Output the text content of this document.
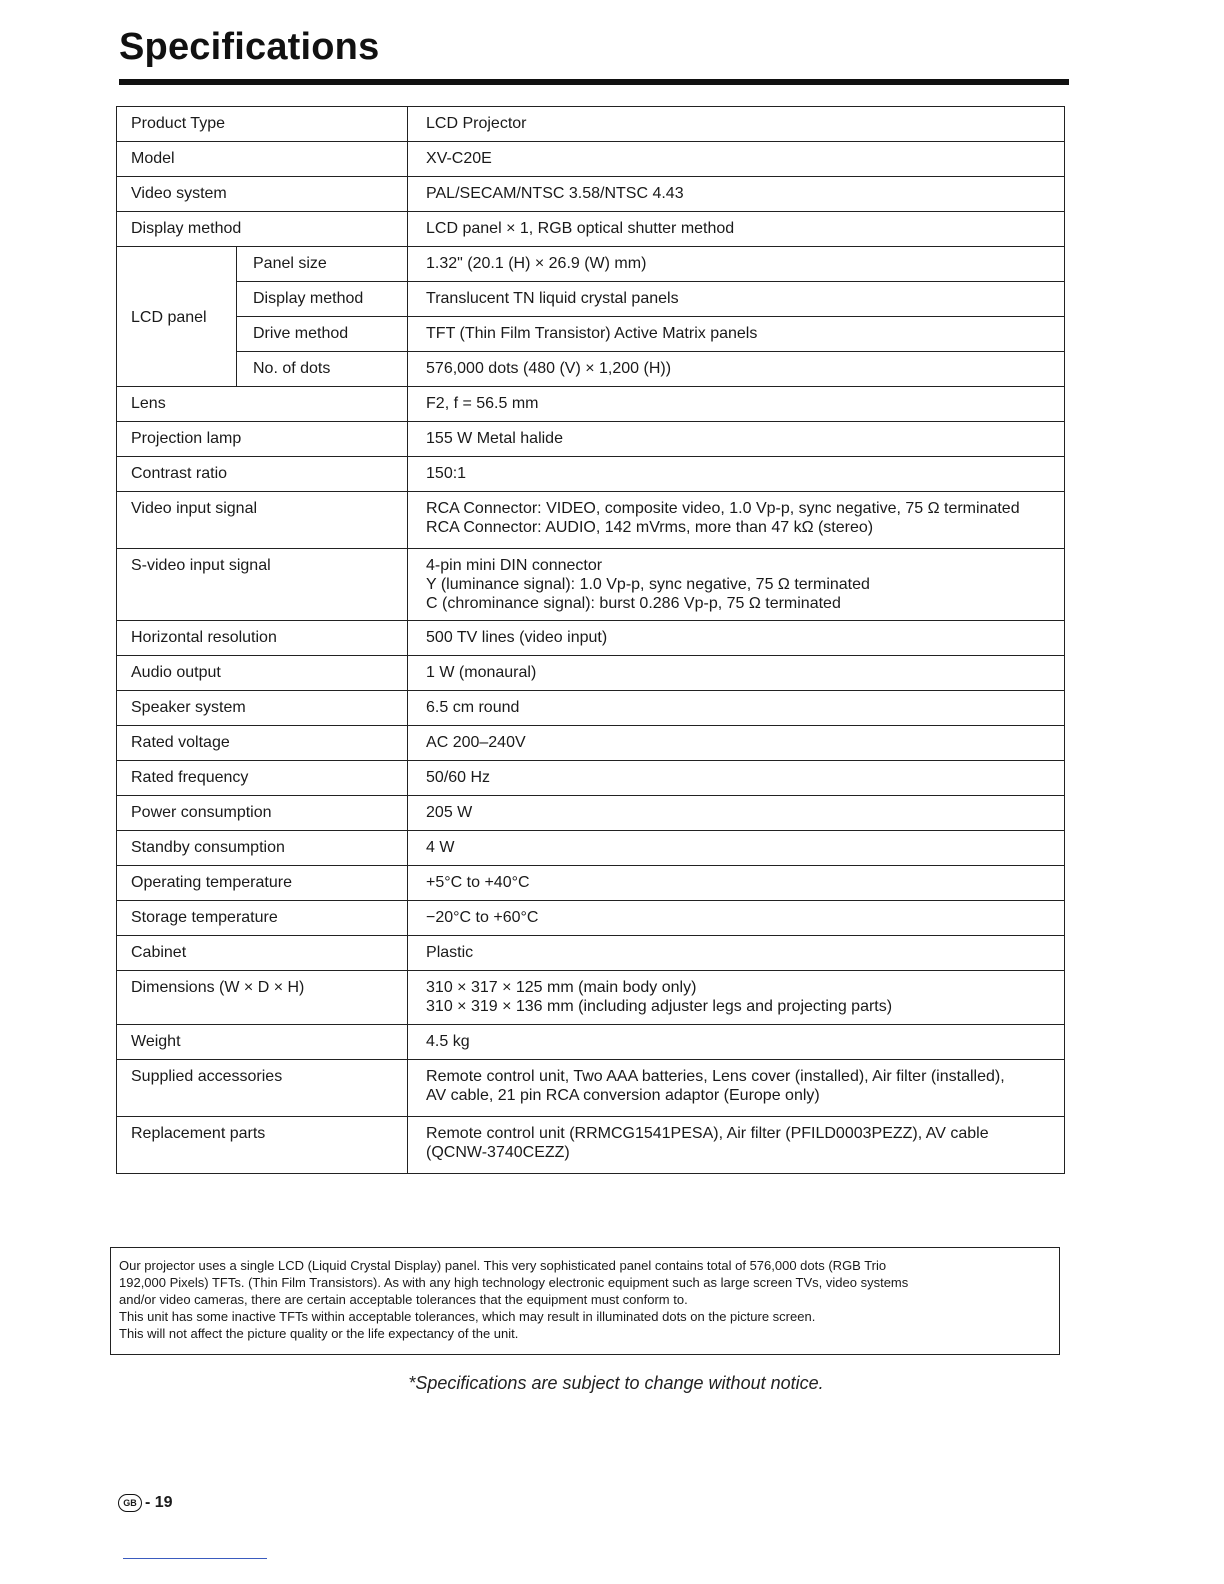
Specifications
Product Type		LCD Projector
Model		XV-C20E
Video system		PAL/SECAM/NTSC 3.58/NTSC 4.43
Display method		LCD panel × 1, RGB optical shutter method
LCD panel	Panel size	1.32" (20.1 (H) × 26.9 (W) mm)
	Display method	Translucent TN liquid crystal panels
	Drive method	TFT (Thin Film Transistor) Active Matrix panels
	No. of dots	576,000 dots (480 (V) × 1,200 (H))
Lens		F2, f = 56.5 mm
Projection lamp		155 W Metal halide
Contrast ratio		150:1
Video input signal		RCA Connector: VIDEO, composite video, 1.0 Vp-p, sync negative, 75 Ω terminated
RCA Connector: AUDIO, 142 mVrms, more than 47 kΩ (stereo)

S-video input signal		4-pin mini DIN connector
Y (luminance signal): 1.0 Vp-p, sync negative, 75 Ω terminated
C (chrominance signal): burst 0.286 Vp-p, 75 Ω terminated

Horizontal resolution		500 TV lines (video input)
Audio output		1 W (monaural)
Speaker system		6.5 cm round
Rated voltage		AC 200–240V
Rated frequency		50/60 Hz
Power consumption		205 W
Standby consumption		4 W
Operating temperature		+5°C to +40°C
Storage temperature		−20°C to +60°C
Cabinet		Plastic
Dimensions (W × D × H)		310 × 317 × 125 mm (main body only)
310 × 319 × 136 mm (including adjuster legs and projecting parts)

Weight		4.5 kg
Supplied accessories		Remote control unit, Two AAA batteries, Lens cover (installed), Air filter (installed),
AV cable, 21 pin RCA conversion adaptor (Europe only)

Replacement parts		Remote control unit (RRMCG1541PESA), Air filter (PFILD0003PEZZ), AV cable
(QCNW-3740CEZZ)
Our projector uses a single LCD (Liquid Crystal Display) panel. This very sophisticated panel contains total of 576,000 dots (RGB Trio
192,000 Pixels) TFTs. (Thin Film Transistors). As with any high technology electronic equipment such as large screen TVs, video systems
and/or video cameras, there are certain acceptable tolerances that the equipment must conform to.
This unit has some inactive TFTs within acceptable tolerances, which may result in illuminated dots on the picture screen.
This will not affect the picture quality or the life expectancy of the unit.
*Specifications are subject to change without notice.
GB - 19
